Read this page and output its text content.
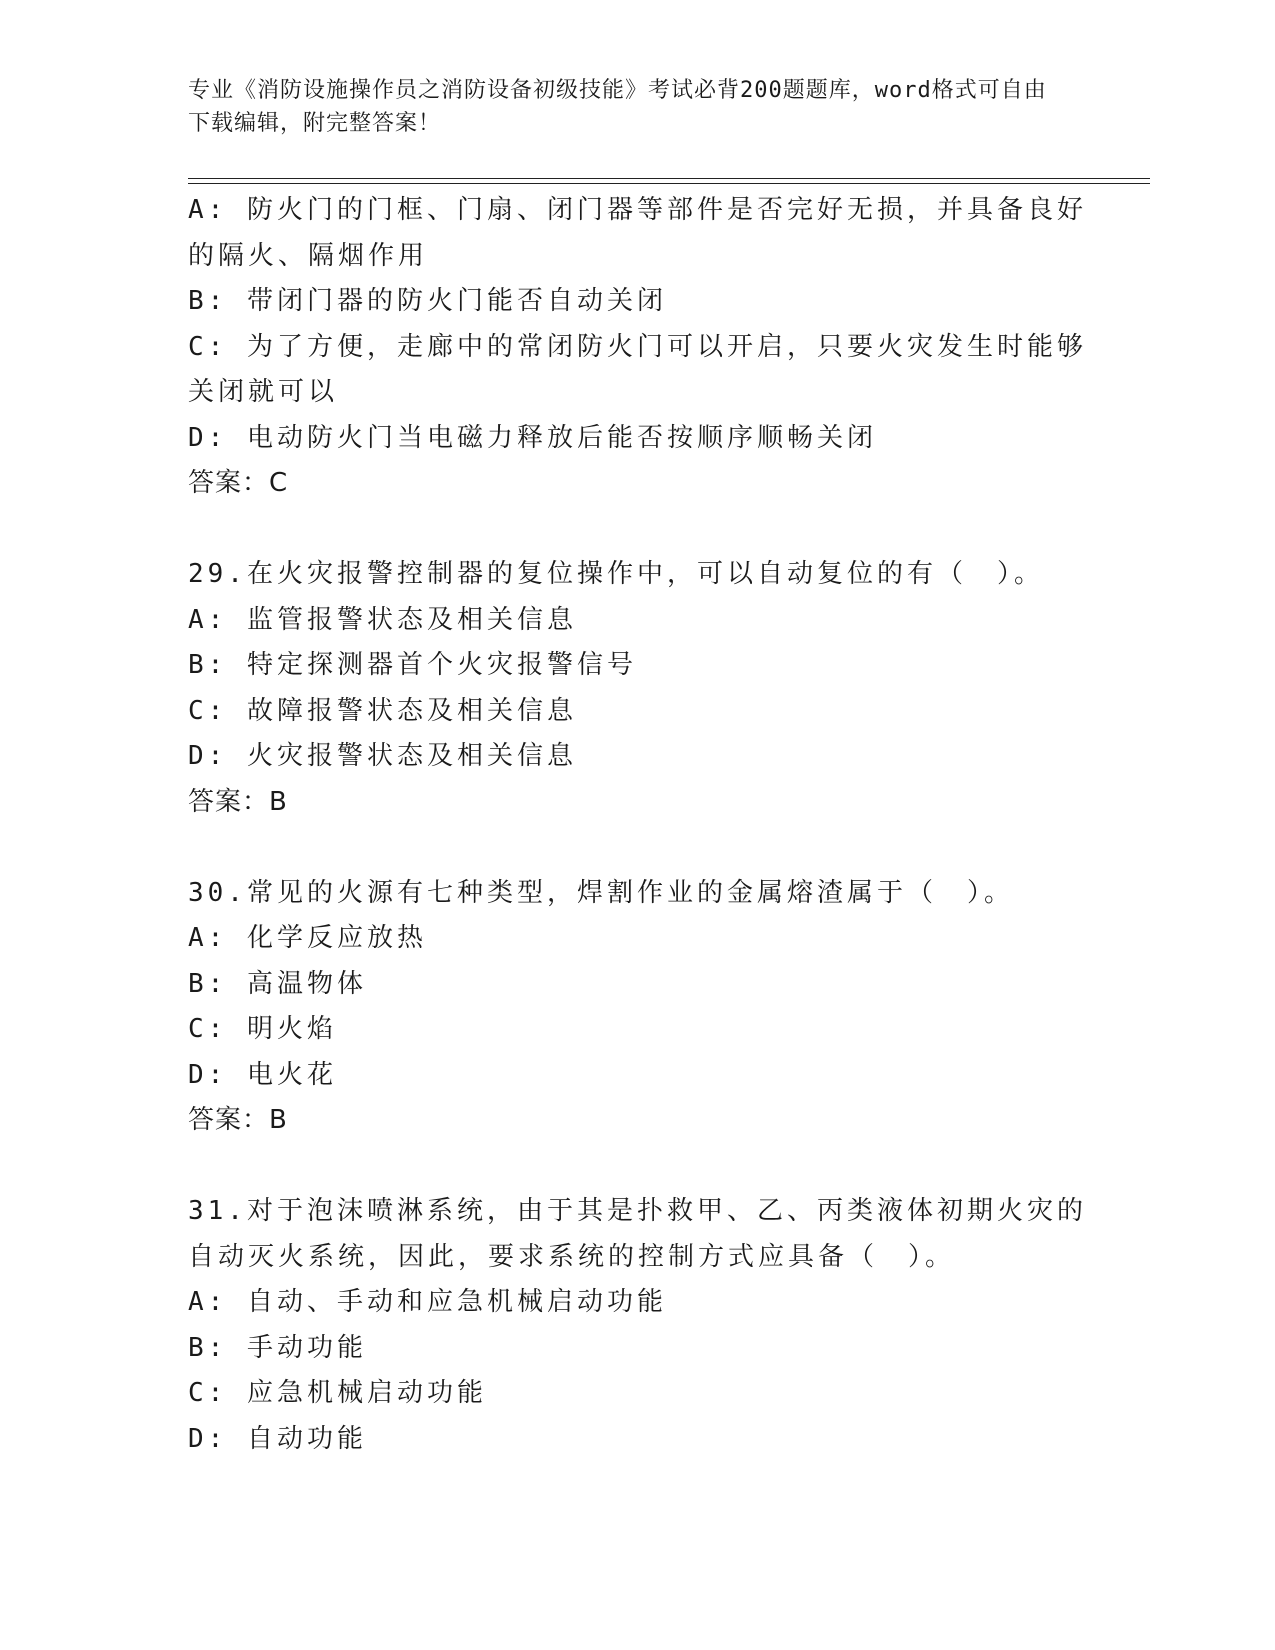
专业《消防设施操作员之消防设备初级技能》考试必背200题题库，word格式可自由下载编辑，附完整答案！
A: 防火门的门框、门扇、闭门器等部件是否完好无损，并具备良好的隔火、隔烟作用
B: 带闭门器的防火门能否自动关闭
C: 为了方便，走廊中的常闭防火门可以开启，只要火灾发生时能够关闭就可以
D: 电动防火门当电磁力释放后能否按顺序顺畅关闭
答案：C
29.在火灾报警控制器的复位操作中，可以自动复位的有（　）。
A: 监管报警状态及相关信息
B: 特定探测器首个火灾报警信号
C: 故障报警状态及相关信息
D: 火灾报警状态及相关信息
答案：B
30.常见的火源有七种类型，焊割作业的金属熔渣属于（　）。
A: 化学反应放热
B: 高温物体
C: 明火焰
D: 电火花
答案：B
31.对于泡沫喷淋系统，由于其是扑救甲、乙、丙类液体初期火灾的自动灭火系统，因此，要求系统的控制方式应具备（　）。
A: 自动、手动和应急机械启动功能
B: 手动功能
C: 应急机械启动功能
D: 自动功能
